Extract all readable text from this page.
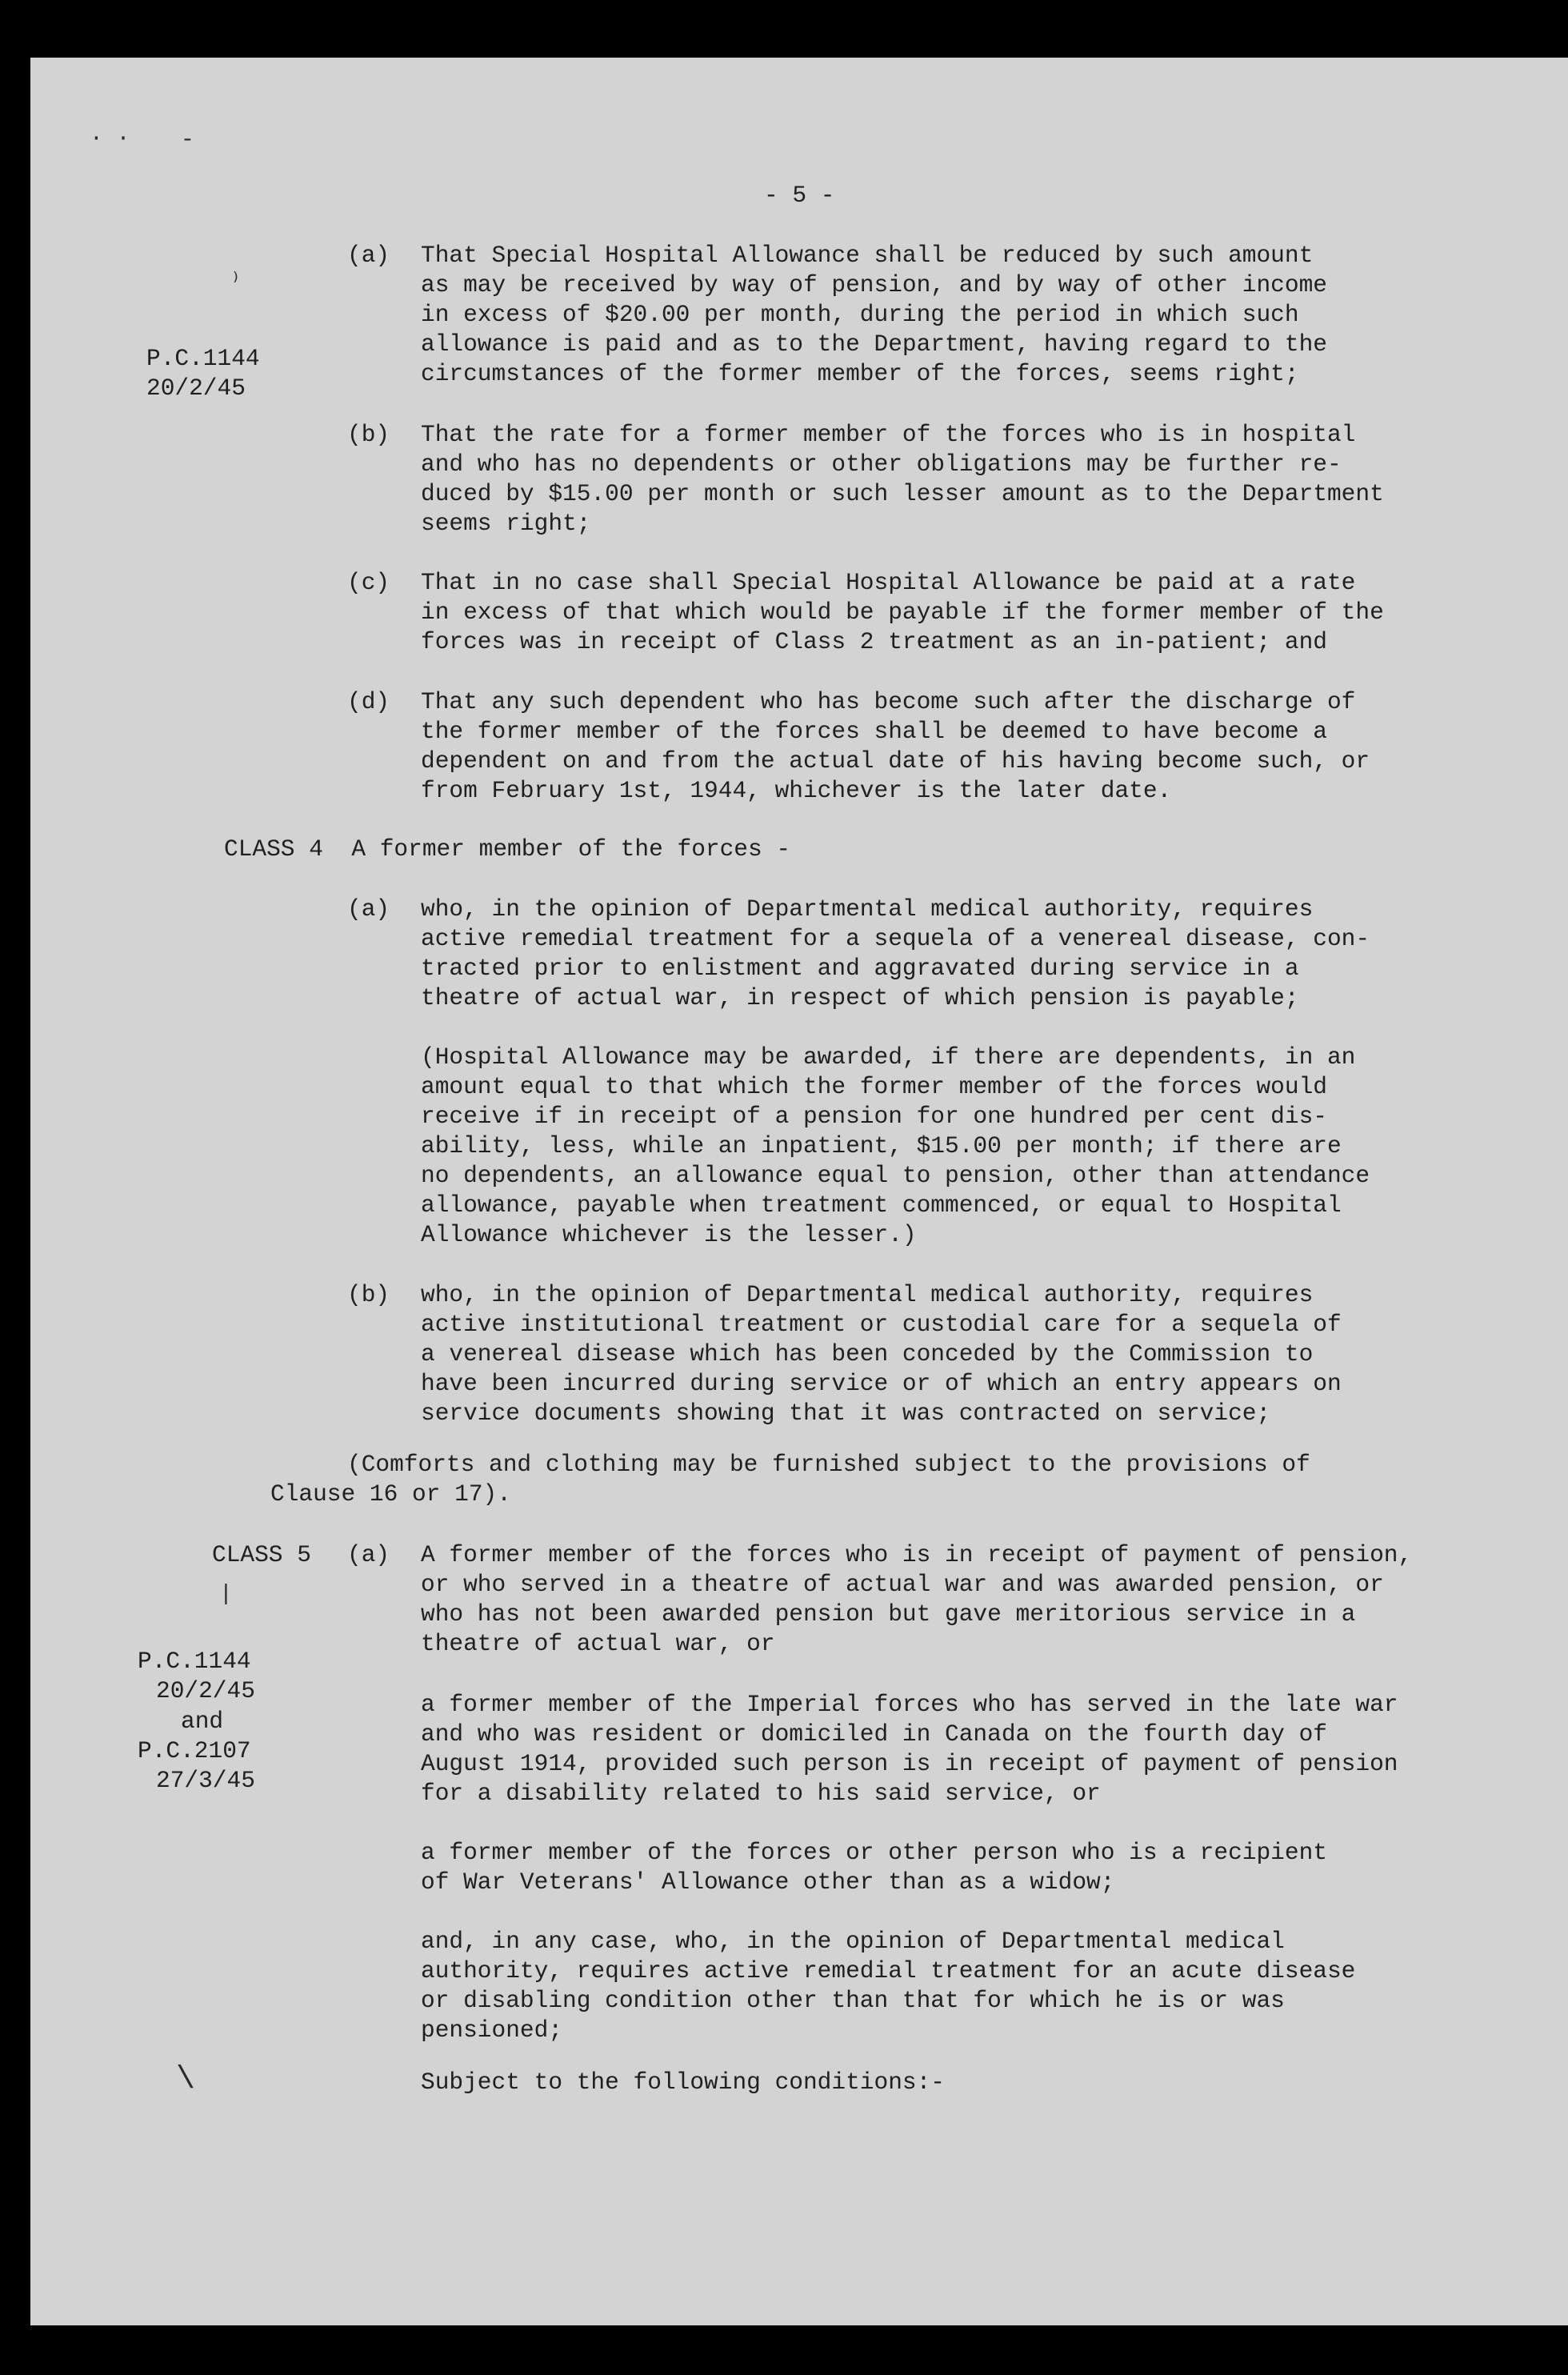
· · -
⁾
|
\
- 5 -
P.C.1144
20/2/45
(a) That Special Hospital Allowance shall be reduced by such amount
as may be received by way of pension, and by way of other income
in excess of $20.00 per month, during the period in which such
allowance is paid and as to the Department, having regard to the
circumstances of the former member of the forces, seems right;
(b) That the rate for a former member of the forces who is in hospital
and who has no dependents or other obligations may be further re-
duced by $15.00 per month or such lesser amount as to the Department
seems right;
(c) That in no case shall Special Hospital Allowance be paid at a rate
in excess of that which would be payable if the former member of the
forces was in receipt of Class 2 treatment as an in-patient; and
(d) That any such dependent who has become such after the discharge of
the former member of the forces shall be deemed to have become a
dependent on and from the actual date of his having become such, or
from February 1st, 1944, whichever is the later date.
CLASS 4  A former member of the forces -
(a) who, in the opinion of Departmental medical authority, requires
active remedial treatment for a sequela of a venereal disease, con-
tracted prior to enlistment and aggravated during service in a
theatre of actual war, in respect of which pension is payable;
(Hospital Allowance may be awarded, if there are dependents, in an
amount equal to that which the former member of the forces would
receive if in receipt of a pension for one hundred per cent dis-
ability, less, while an inpatient, $15.00 per month; if there are
no dependents, an allowance equal to pension, other than attendance
allowance, payable when treatment commenced, or equal to Hospital
Allowance whichever is the lesser.)
(b) who, in the opinion of Departmental medical authority, requires
active institutional treatment or custodial care for a sequela of
a venereal disease which has been conceded by the Commission to
have been incurred during service or of which an entry appears on
service documents showing that it was contracted on service;
(Comforts and clothing may be furnished subject to the provisions of
Clause 16 or 17).
CLASS 5 (a) A former member of the forces who is in receipt of payment of pension,
or who served in a theatre of actual war and was awarded pension, or
who has not been awarded pension but gave meritorious service in a
theatre of actual war, or
P.C.1144
20/2/45
and
P.C.2107
27/3/45
a former member of the Imperial forces who has served in the late war
and who was resident or domiciled in Canada on the fourth day of
August 1914, provided such person is in receipt of payment of pension
for a disability related to his said service, or
a former member of the forces or other person who is a recipient
of War Veterans' Allowance other than as a widow;
and, in any case, who, in the opinion of Departmental medical
authority, requires active remedial treatment for an acute disease
or disabling condition other than that for which he is or was
pensioned;
Subject to the following conditions:-
